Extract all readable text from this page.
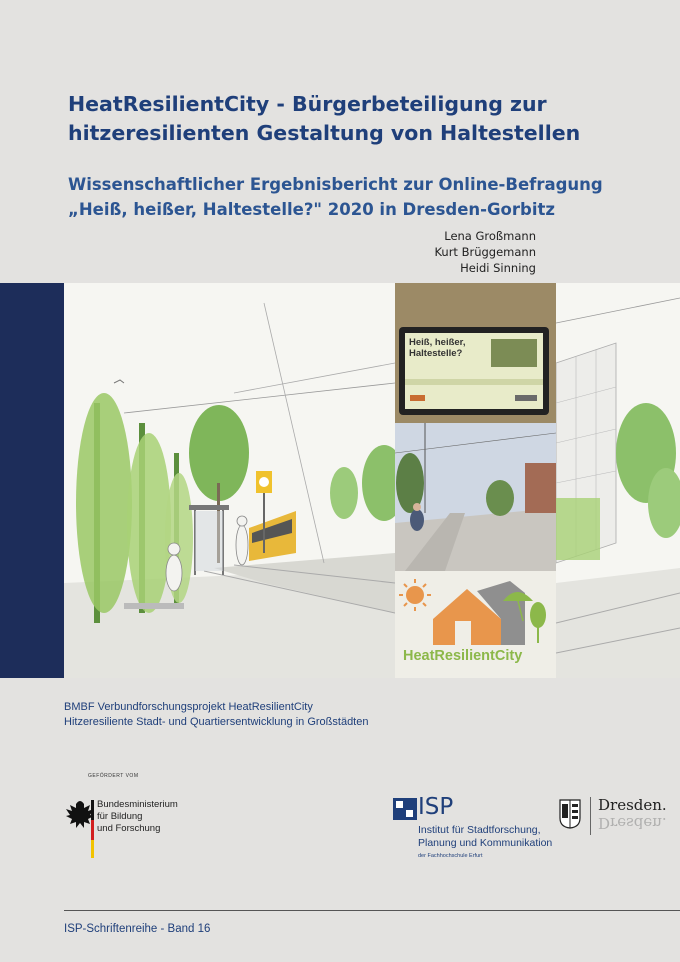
HeatResilientCity - Bürgerbeteiligung zur
hitzeresilienten Gestaltung von Haltestellen
Wissenschaftlicher Ergebnisbericht zur Online-Befragung
„Heiß, heißer, Haltestelle?" 2020 in Dresden-Gorbitz
Lena Großmann
Kurt Brüggemann
Heidi Sinning
HeatResilientCity
Heiß, heißer, Haltestelle?
BMBF Verbundforschungsprojekt HeatResilientCity
Hitzeresiliente Stadt- und Quartiersentwicklung in Großstädten
GEFÖRDERT VOM
Bundesministerium
für Bildung
und Forschung
ISP
Institut für Stadtforschung,
Planung und Kommunikation
der Fachhochschule Erfurt
Dresden.
Dresden.
ISP-Schriftenreihe - Band 16
